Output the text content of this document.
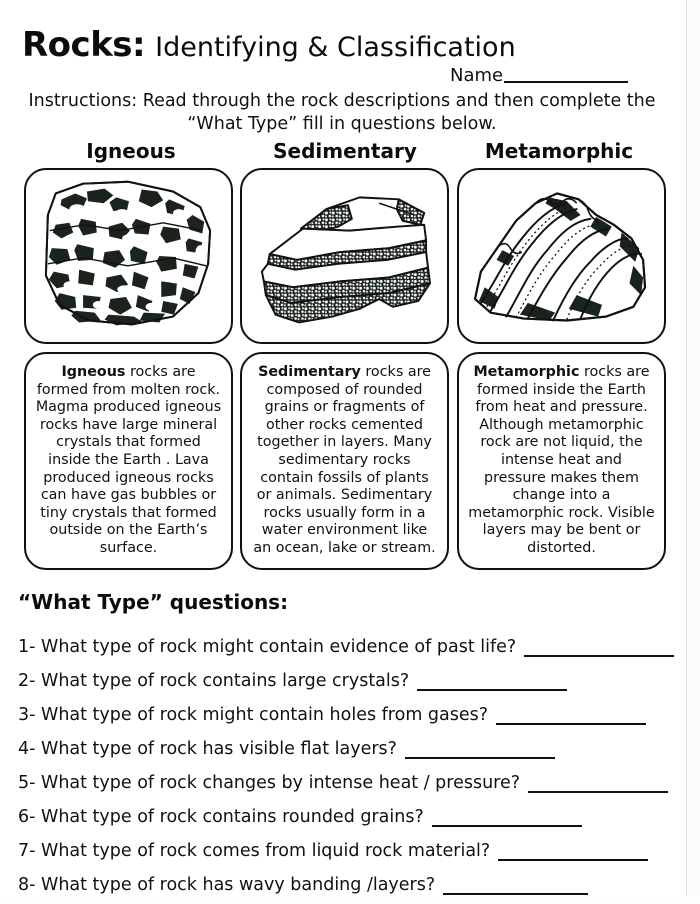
Rocks: Identifying & Classification
Name
Instructions: Read through the rock descriptions and then complete the
“What Type” fill in questions below.
Igneous	Sedimentary	Metamorphic
Igneous rocks are formed from molten rock. Magma produced igneous rocks have large mineral crystals that formed inside the Earth . Lava produced igneous rocks can have gas bubbles or tiny crystals that formed outside on the Earth’s surface.
Sedimentary rocks are composed of rounded grains or fragments of other rocks cemented together in layers. Many sedimentary rocks contain fossils of plants or animals. Sedimentary rocks usually form in a water environment like an ocean, lake or stream.
Metamorphic rocks are formed inside the Earth from heat and pressure. Although metamorphic rock are not liquid, the intense heat and pressure makes them change into a metamorphic rock. Visible layers may be bent or distorted.
“What Type” questions:
1- What type of rock might contain evidence of past life?
2- What type of rock contains large crystals?
3- What type of rock might contain holes from gases?
4- What type of rock has visible flat layers?
5- What type of rock changes by intense heat / pressure?
6- What type of rock contains rounded grains?
7- What type of rock comes from liquid rock material?
8- What type of rock has wavy banding /layers?
